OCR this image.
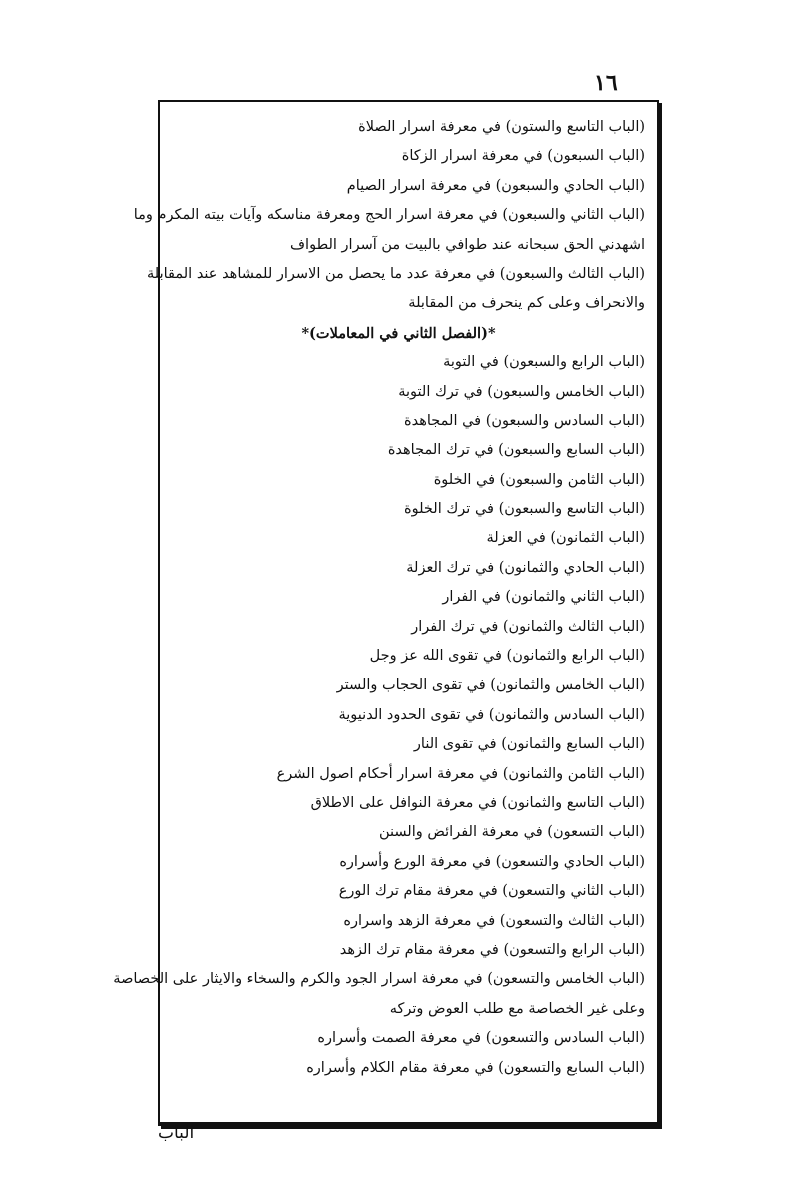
١٦
(الباب التاسع والستون) في معرفة اسرار الصلاة
(الباب السبعون) في معرفة اسرار الزكاة
(الباب الحادي والسبعون) في معرفة اسرار الصيام
(الباب الثاني والسبعون) في معرفة اسرار الحج ومعرفة مناسكه وآيات بيته المكرم وما
اشهدني الحق سبحانه عند طوافي بالبيت من آسرار الطواف
(الباب الثالث والسبعون) في معرفة عدد ما يحصل من الاسرار للمشاهد عند المقابلة
والانحراف وعلى كم ينحرف من المقابلة
*(الفصل الثاني في المعاملات)*
(الباب الرابع والسبعون) في التوبة
(الباب الخامس والسبعون) في ترك التوبة
(الباب السادس والسبعون) في المجاهدة
(الباب السابع والسبعون) في ترك المجاهدة
(الباب الثامن والسبعون) في الخلوة
(الباب التاسع والسبعون) في ترك الخلوة
(الباب الثمانون) في العزلة
(الباب الحادي والثمانون) في ترك العزلة
(الباب الثاني والثمانون) في الفرار
(الباب الثالث والثمانون) في ترك الفرار
(الباب الرابع والثمانون) في تقوى الله عز وجل
(الباب الخامس والثمانون) في تقوى الحجاب والستر
(الباب السادس والثمانون) في تقوى الحدود الدنيوية
(الباب السابع والثمانون) في تقوى النار
(الباب الثامن والثمانون) في معرفة اسرار أحكام اصول الشرع
(الباب التاسع والثمانون) في معرفة النوافل على الاطلاق
(الباب التسعون) في معرفة الفرائض والسنن
(الباب الحادي والتسعون) في معرفة الورع وأسراره
(الباب الثاني والتسعون) في معرفة مقام ترك الورع
(الباب الثالث والتسعون) في معرفة الزهد واسراره
(الباب الرابع والتسعون) في معرفة مقام ترك الزهد
(الباب الخامس والتسعون) في معرفة اسرار الجود والكرم والسخاء والايثار على الخصاصة
وعلى غير الخصاصة مع طلب العوض وتركه
(الباب السادس والتسعون) في معرفة الصمت وأسراره
(الباب السابع والتسعون) في معرفة مقام الكلام وأسراره
الباب
